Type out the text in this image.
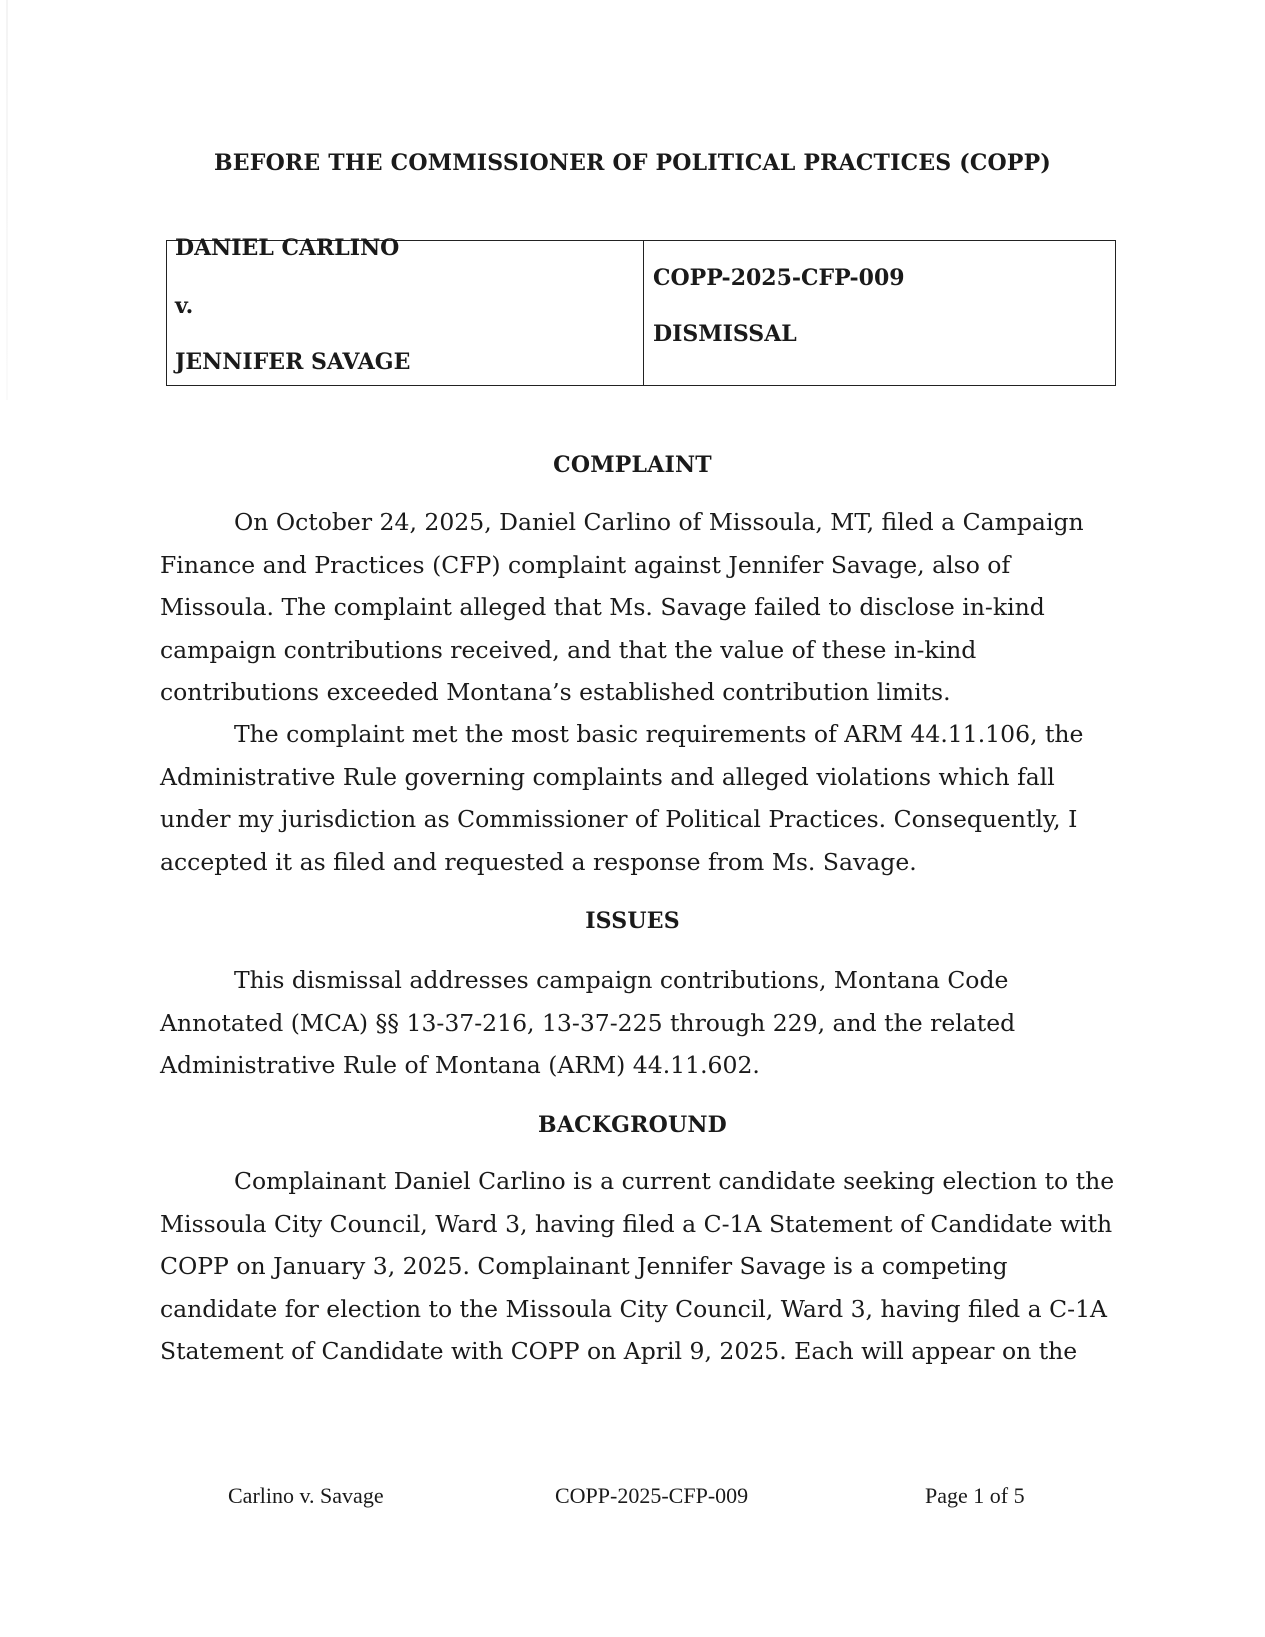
BEFORE THE COMMISSIONER OF POLITICAL PRACTICES (COPP)
DANIEL CARLINO
v.
JENNIFER SAVAGE
COPP-2025-CFP-009
DISMISSAL
COMPLAINT

On October 24, 2025, Daniel Carlino of Missoula, MT, filed a Campaign Finance and Practices (CFP) complaint against Jennifer Savage, also of Missoula. The complaint alleged that Ms. Savage failed to disclose in-kind campaign contributions received, and that the value of these in-kind contributions exceeded Montana’s established contribution limits.

The complaint met the most basic requirements of ARM 44.11.106, the Administrative Rule governing complaints and alleged violations which fall under my jurisdiction as Commissioner of Political Practices. Consequently, I accepted it as filed and requested a response from Ms. Savage.

ISSUES

This dismissal addresses campaign contributions, Montana Code Annotated (MCA) §§ 13-37-216, 13-37-225 through 229, and the related Administrative Rule of Montana (ARM) 44.11.602.

BACKGROUND

Complainant Daniel Carlino is a current candidate seeking election to the Missoula City Council, Ward 3, having filed a C-1A Statement of Candidate with COPP on January 3, 2025. Complainant Jennifer Savage is a competing candidate for election to the Missoula City Council, Ward 3, having filed a C-1A Statement of Candidate with COPP on April 9, 2025. Each will appear on the

Carlino v. Savage	COPP-2025-CFP-009	Page 1 of 5
